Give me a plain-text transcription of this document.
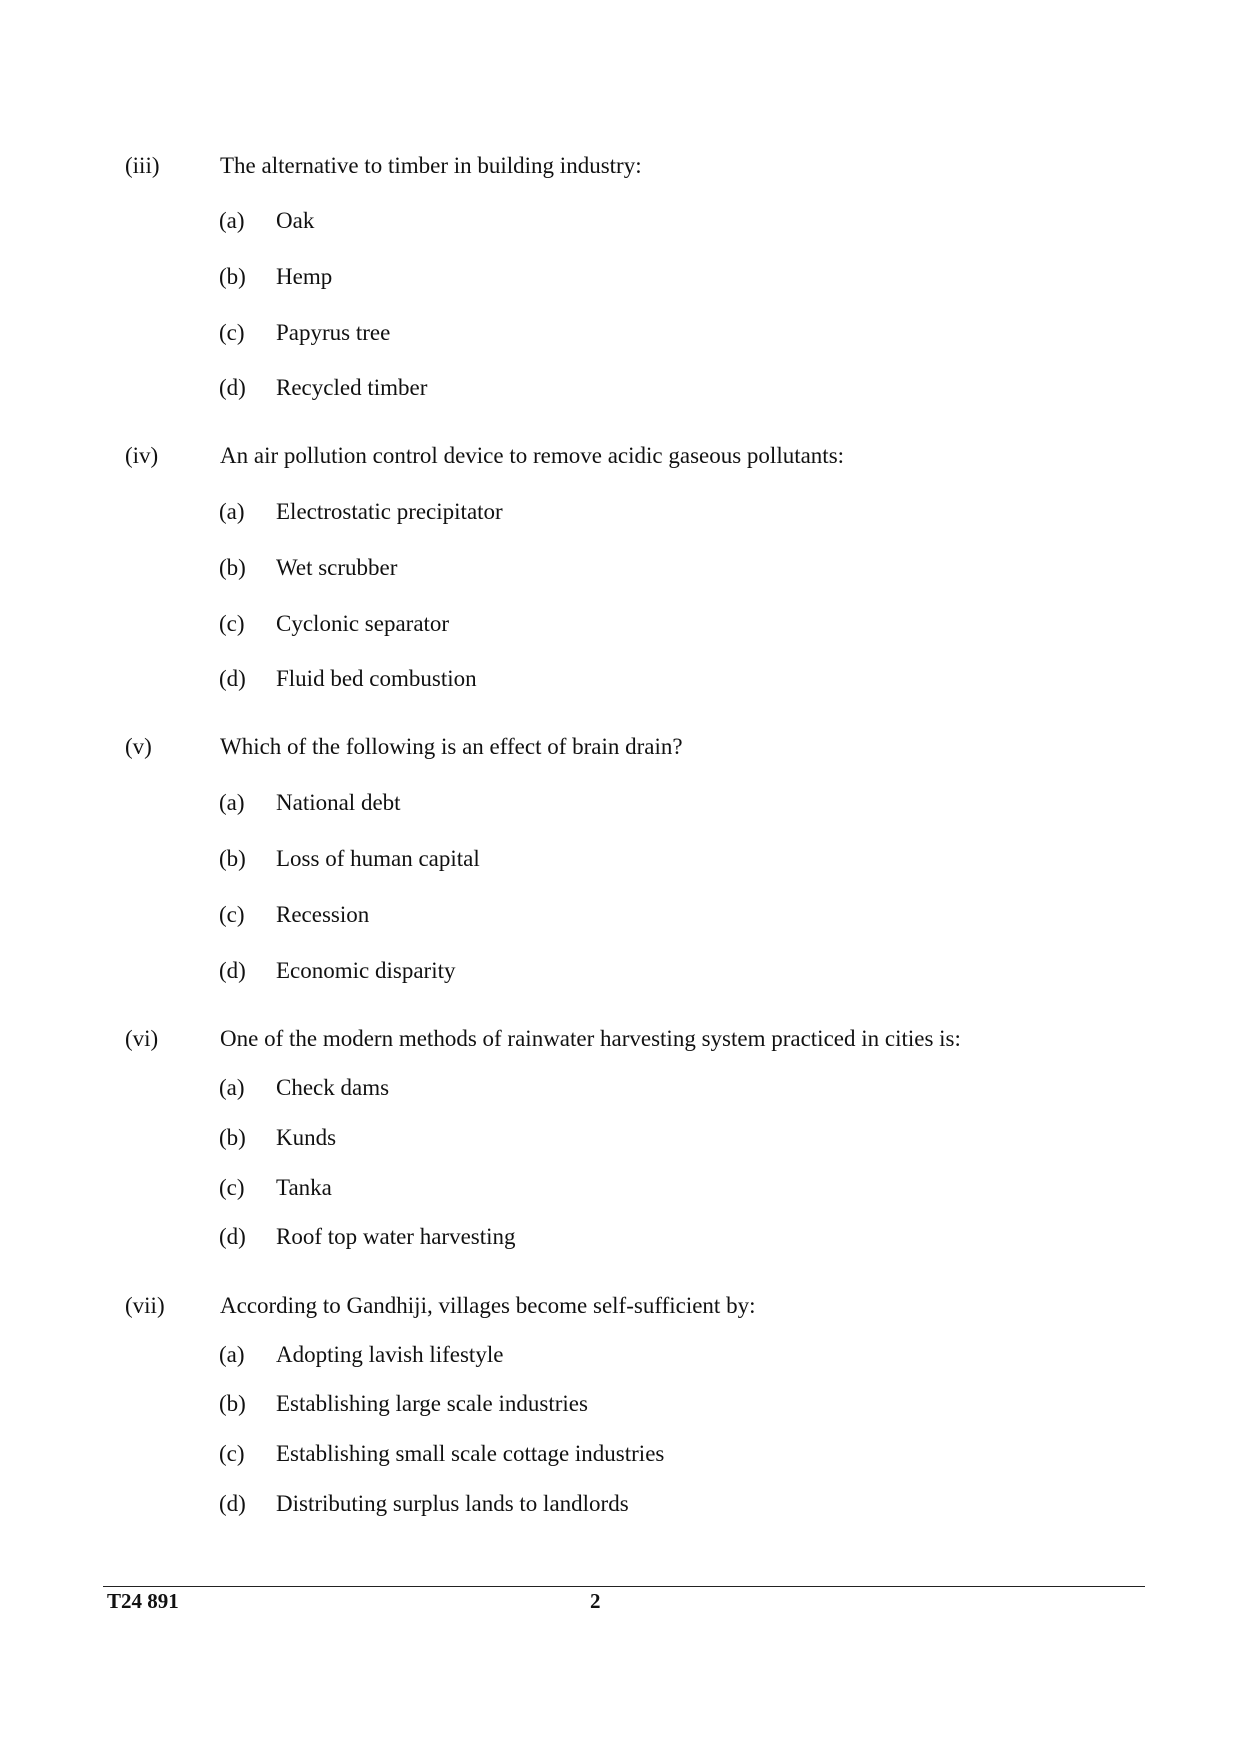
(iii)	The alternative to timber in building industry:
(a) Oak
(b) Hemp
(c) Papyrus tree
(d) Recycled timber
(iv)	An air pollution control device to remove acidic gaseous pollutants:
(a) Electrostatic precipitator
(b) Wet scrubber
(c) Cyclonic separator
(d) Fluid bed combustion
(v)	Which of the following is an effect of brain drain?
(a) National debt
(b) Loss of human capital
(c) Recession
(d) Economic disparity
(vi)	One of the modern methods of rainwater harvesting system practiced in cities is:
(a) Check dams
(b) Kunds
(c) Tanka
(d) Roof top water harvesting
(vii) According to Gandhiji, villages become self-sufficient by:
(a) Adopting lavish lifestyle
(b) Establishing large scale industries
(c) Establishing small scale cottage industries
(d) Distributing surplus lands to landlords
T24 891	2
